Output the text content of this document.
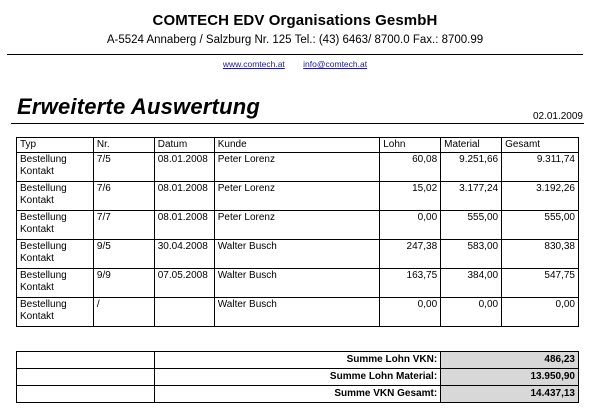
COMTECH EDV Organisations GesmbH
A-5524 Annaberg / Salzburg Nr. 125 Tel.: (43) 6463/ 8700.0 Fax.: 8700.99
www.comtech.at info@comtech.at
Erweiterte Auswertung	02.01.2009
Typ	Nr.	Datum	Kunde	Lohn	Material	Gesamt
Bestellung Kontakt	7/5	08.01.2008	Peter Lorenz	60,08	9.251,66	9.311,74
Bestellung Kontakt	7/6	08.01.2008	Peter Lorenz	15,02	3.177,24	3.192,26
Bestellung Kontakt	7/7	08.01.2008	Peter Lorenz	0,00	555,00	555,00
Bestellung Kontakt	9/5	30.04.2008	Walter Busch	247,38	583,00	830,38
Bestellung Kontakt	9/9	07.05.2008	Walter Busch	163,75	384,00	547,75
Bestellung Kontakt	/		Walter Busch	0,00	0,00	0,00
	Summe Lohn VKN:	486,23
	Summe Lohn Material:	13.950,90
	Summe VKN Gesamt:	14.437,13
